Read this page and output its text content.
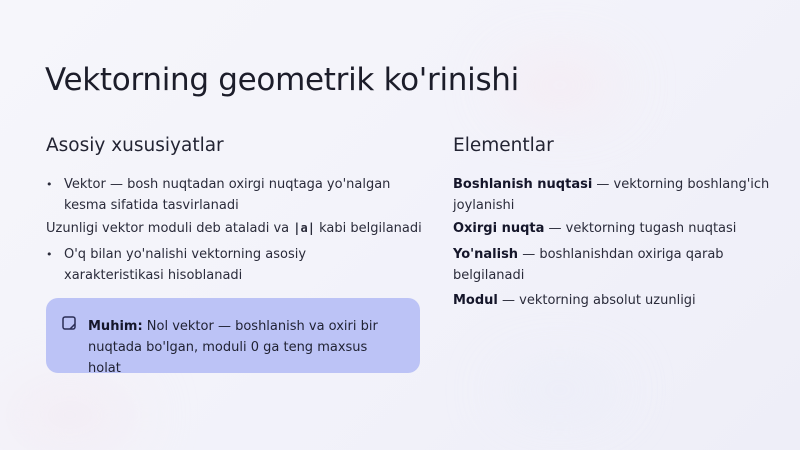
Vektorning geometrik ko'rinishi
Asosiy xususiyatlar
• Vektor — bosh nuqtadan oxirgi nuqtaga yo'nalgan kesma sifatida tasvirlanadi
Uzunligi vektor moduli deb ataladi va |a| kabi belgilanadi
• O'q bilan yo'nalishi vektorning asosiy xarakteristikasi hisoblanadi
Muhim: Nol vektor — boshlanish va oxiri bir nuqtada bo'lgan, moduli 0 ga teng maxsus holat
Elementlar
Boshlanish nuqtasi — vektorning boshlang'ich joylanishi
Oxirgi nuqta — vektorning tugash nuqtasi
Yo'nalish — boshlanishdan oxiriga qarab belgilanadi
Modul — vektorning absolut uzunligi
